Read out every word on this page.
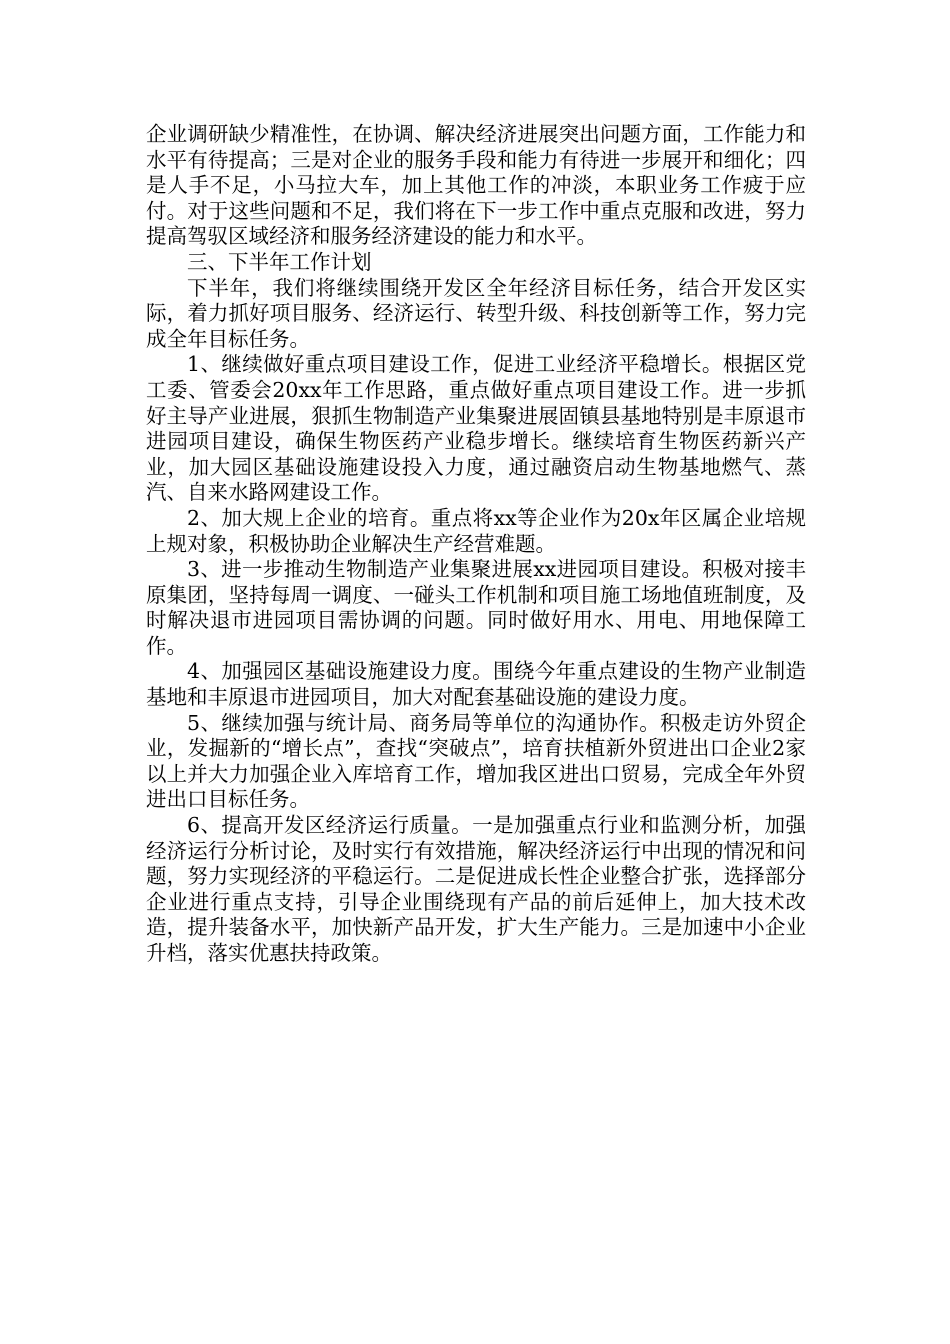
企业调研缺少精准性，在协调、解决经济进展突出问题方面，工作能力和水平有待提高；三是对企业的服务手段和能力有待进一步展开和细化；四是人手不足，小马拉大车，加上其他工作的冲淡，本职业务工作疲于应付。对于这些问题和不足，我们将在下一步工作中重点克服和改进，努力提高驾驭区域经济和服务经济建设的能力和水平。

三、下半年工作计划

下半年，我们将继续围绕开发区全年经济目标任务，结合开发区实际，着力抓好项目服务、经济运行、转型升级、科技创新等工作，努力完成全年目标任务。

1、继续做好重点项目建设工作，促进工业经济平稳增长。根据区党工委、管委会20xx年工作思路，重点做好重点项目建设工作。进一步抓好主导产业进展，狠抓生物制造产业集聚进展固镇县基地特别是丰原退市进园项目建设，确保生物医药产业稳步增长。继续培育生物医药新兴产业，加大园区基础设施建设投入力度，通过融资启动生物基地燃气、蒸汽、自来水路网建设工作。

2、加大规上企业的培育。重点将xx等企业作为20x年区属企业培规上规对象，积极协助企业解决生产经营难题。

3、进一步推动生物制造产业集聚进展xx进园项目建设。积极对接丰原集团，坚持每周一调度、一碰头工作机制和项目施工场地值班制度，及时解决退市进园项目需协调的问题。同时做好用水、用电、用地保障工作。

4、加强园区基础设施建设力度。围绕今年重点建设的生物产业制造基地和丰原退市进园项目，加大对配套基础设施的建设力度。

5、继续加强与统计局、商务局等单位的沟通协作。积极走访外贸企业，发掘新的“增长点”，查找“突破点”，培育扶植新外贸进出口企业2家以上并大力加强企业入库培育工作，增加我区进出口贸易，完成全年外贸进出口目标任务。

6、提高开发区经济运行质量。一是加强重点行业和监测分析，加强经济运行分析讨论，及时实行有效措施，解决经济运行中出现的情况和问题，努力实现经济的平稳运行。二是促进成长性企业整合扩张，选择部分企业进行重点支持，引导企业围绕现有产品的前后延伸上，加大技术改造，提升装备水平，加快新产品开发，扩大生产能力。三是加速中小企业升档，落实优惠扶持政策。
